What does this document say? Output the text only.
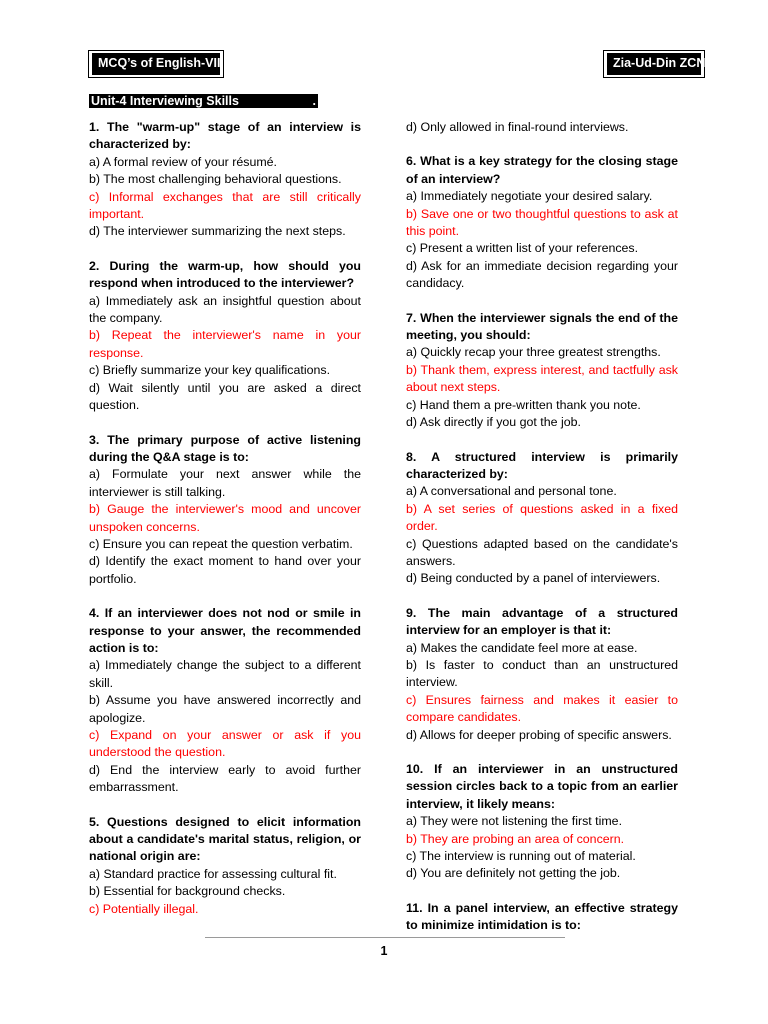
MCQ’s of English-VII	Zia-Ud-Din ZCN
Unit-4 Interviewing Skills	.
1. The "warm-up" stage of an interview is characterized by:
a) A formal review of your résumé.
b) The most challenging behavioral questions.
c) Informal exchanges that are still critically important.
d) The interviewer summarizing the next steps.
2. During the warm-up, how should you respond when introduced to the interviewer?
a) Immediately ask an insightful question about the company.
b) Repeat the interviewer's name in your response.
c) Briefly summarize your key qualifications.
d) Wait silently until you are asked a direct question.
3. The primary purpose of active listening during the Q&A stage is to:
a) Formulate your next answer while the interviewer is still talking.
b) Gauge the interviewer's mood and uncover unspoken concerns.
c) Ensure you can repeat the question verbatim.
d) Identify the exact moment to hand over your portfolio.
4. If an interviewer does not nod or smile in response to your answer, the recommended action is to:
a) Immediately change the subject to a different skill.
b) Assume you have answered incorrectly and apologize.
c) Expand on your answer or ask if you understood the question.
d) End the interview early to avoid further embarrassment.
5. Questions designed to elicit information about a candidate's marital status, religion, or national origin are:
a) Standard practice for assessing cultural fit.
b) Essential for background checks.
c) Potentially illegal.
d) Only allowed in final-round interviews.
6. What is a key strategy for the closing stage of an interview?
a) Immediately negotiate your desired salary.
b) Save one or two thoughtful questions to ask at this point.
c) Present a written list of your references.
d) Ask for an immediate decision regarding your candidacy.
7. When the interviewer signals the end of the meeting, you should:
a) Quickly recap your three greatest strengths.
b) Thank them, express interest, and tactfully ask about next steps.
c) Hand them a pre-written thank you note.
d) Ask directly if you got the job.
8. A structured interview is primarily characterized by:
a) A conversational and personal tone.
b) A set series of questions asked in a fixed order.
c) Questions adapted based on the candidate's answers.
d) Being conducted by a panel of interviewers.
9. The main advantage of a structured interview for an employer is that it:
a) Makes the candidate feel more at ease.
b) Is faster to conduct than an unstructured interview.
c) Ensures fairness and makes it easier to compare candidates.
d) Allows for deeper probing of specific answers.
10. If an interviewer in an unstructured session circles back to a topic from an earlier interview, it likely means:
a) They were not listening the first time.
b) They are probing an area of concern.
c) The interview is running out of material.
d) You are definitely not getting the job.
11. In a panel interview, an effective strategy to minimize intimidation is to:
1
